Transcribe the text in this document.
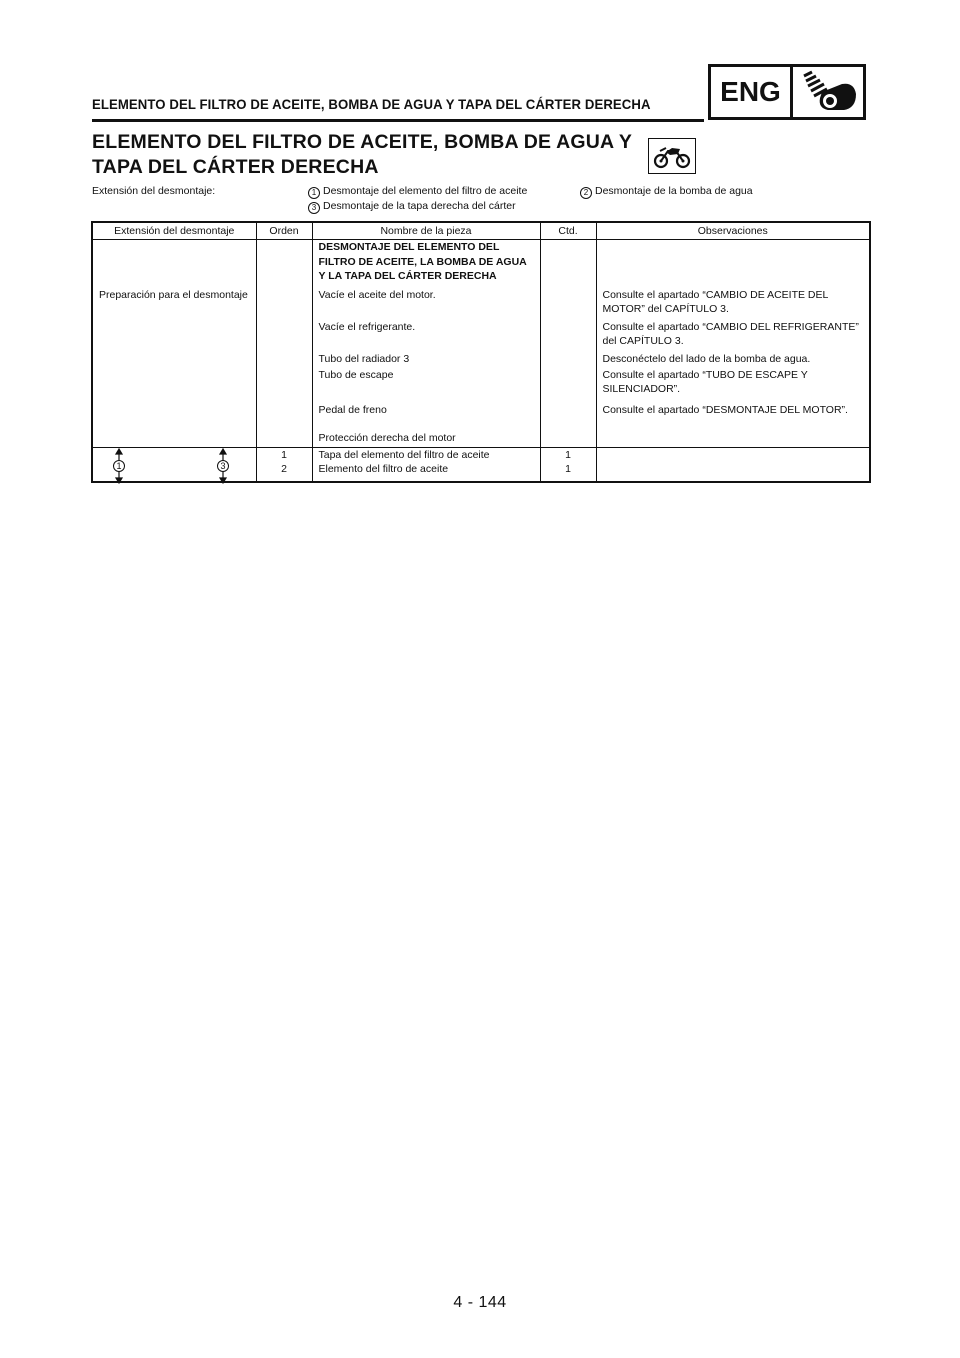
ELEMENTO DEL FILTRO DE ACEITE, BOMBA DE AGUA Y TAPA DEL CÁRTER DERECHA	ENG
ELEMENTO DEL FILTRO DE ACEITE, BOMBA DE AGUA Y
TAPA DEL CÁRTER DERECHA
Extensión del desmontaje:	1 Desmontaje del elemento del filtro de aceite
3 Desmontaje de la tapa derecha del cárter
2 Desmontaje de la bomba de agua
Extensión del desmontaje	Orden	Nombre de la pieza	Ctd.	Observaciones
		DESMONTAJE DEL ELEMENTO DEL FILTRO DE ACEITE, LA BOMBA DE AGUA Y LA TAPA DEL CÁRTER DERECHA		
Preparación para el desmontaje		Vacíe el aceite del motor.		Consulte el apartado “CAMBIO DE ACEITE DEL MOTOR” del CAPÍTULO 3.
		Vacíe el refrigerante.		Consulte el apartado “CAMBIO DEL REFRIGERANTE” del CAPÍTULO 3.
		Tubo del radiador 3		Desconéctelo del lado de la bomba de agua.
		Tubo de escape		Consulte el apartado “TUBO DE ESCAPE Y SILENCIADOR”.
		Pedal de freno		Consulte el apartado “DESMONTAJE DEL MOTOR”.
		Protección derecha del motor		

1 3	1	Tapa del elemento del filtro de aceite	1	
	2	Elemento del filtro de aceite	1	
4 - 144
